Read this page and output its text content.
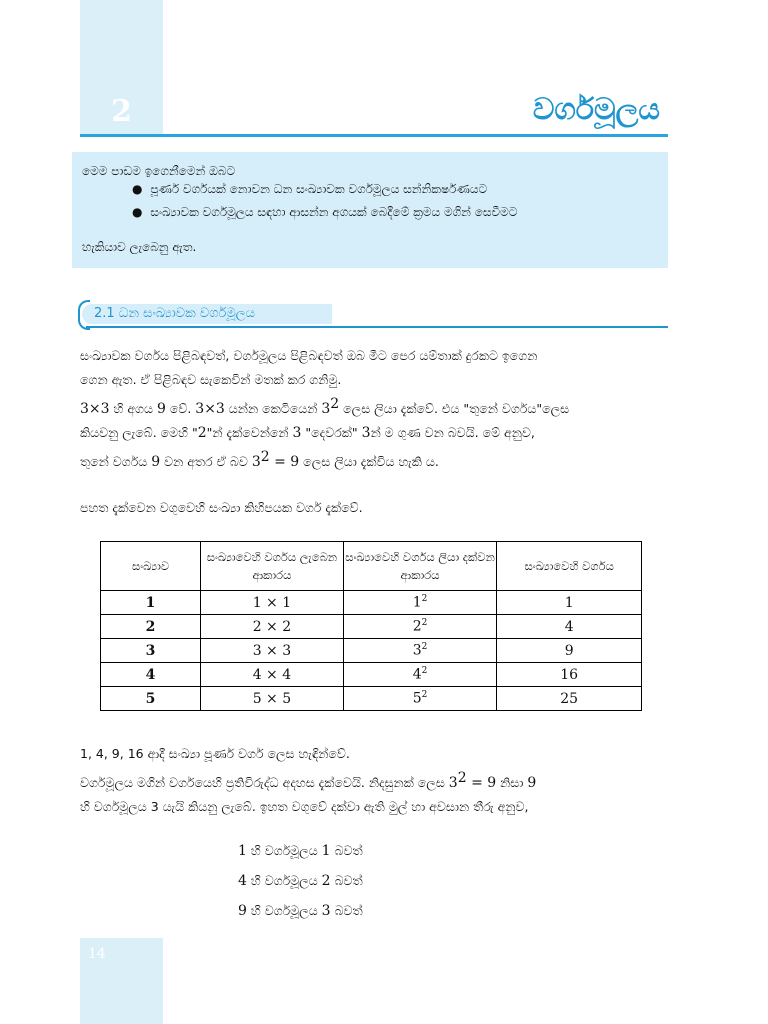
2	වර්ගමූලය
මෙම පාඩම ඉගෙනීමෙන් ඔබට
● පූර්ණ වර්ගයක් නොවන ධන සංඛ්‍යාවක වර්ගමූලය සන්නිකර්ෂණයට
● සංඛ්‍යාවක වර්ගමූලය සඳහා ආසන්න අගයක් බෙදීමේ ක්‍රමය මගින් සෙවීමට
හැකියාව ලැබෙනු ඇත.
2.1 ධන සංඛ්‍යාවක වර්ගමූලය
සංඛ්‍යාවක වර්ගය පිළිබඳවත්, වර්ගමූලය පිළිබඳවත් ඔබ මීට පෙර යම්තාක් දුරකට ඉගෙන
ගෙන ඇත. ඒ පිළිබඳව සැකෙවින් මතක් කර ගනිමු.
3×3 හි අගය 9 වේ. 3×3 යන්න කෙටියෙන් $3^2$ ලෙස ලියා දැක්වේ. එය "තුනේ වර්ගය"ලෙස
කියවනු ලැබේ. මෙහි "2"න් දැක්වෙන්නේ 3 "දෙවරක්" 3න් ම ගුණ වන බවයි. මේ අනුව,
තුනේ වර්ගය 9 වන අතර ඒ බව $3^2 = 9$ ලෙස ලියා දැක්විය හැකි ය.
පහත දැක්වෙන වගුවෙහි සංඛ්‍යා කිහිපයක වර්ග දැක්වේ.
සංඛ්‍යාව	සංඛ්‍යාවෙහි වර්ගය ලැබෙන ආකාරය	සංඛ්‍යාවෙහි වර්ගය ලියා දක්වන ආකාරය	සංඛ්‍යාවෙහි වර්ගය
1	1 × 1	$1^2$	1
2	2 × 2	$2^2$	4
3	3 × 3	$3^2$	9
4	4 × 4	$4^2$	16
5	5 × 5	$5^2$	25
1, 4, 9, 16 ආදී සංඛ්‍යා පූර්ණ වර්ග ලෙස හැඳින්වේ.
වර්ගමූලය මගින් වර්ගයෙහි ප්‍රතිවිරුද්ධ අදහස දැක්වෙයි. නිදසුනක් ලෙස $3^2 = 9$ නිසා 9
හි වර්ගමූලය 3 යැයි කියනු ලැබේ. ඉහත වගුවේ දක්වා ඇති මුල් හා අවසාන තීරු අනුව,
1 හි වර්ගමූලය 1 බවත්
4 හි වර්ගමූලය 2 බවත්
9 හි වර්ගමූලය 3 බවත්
14
